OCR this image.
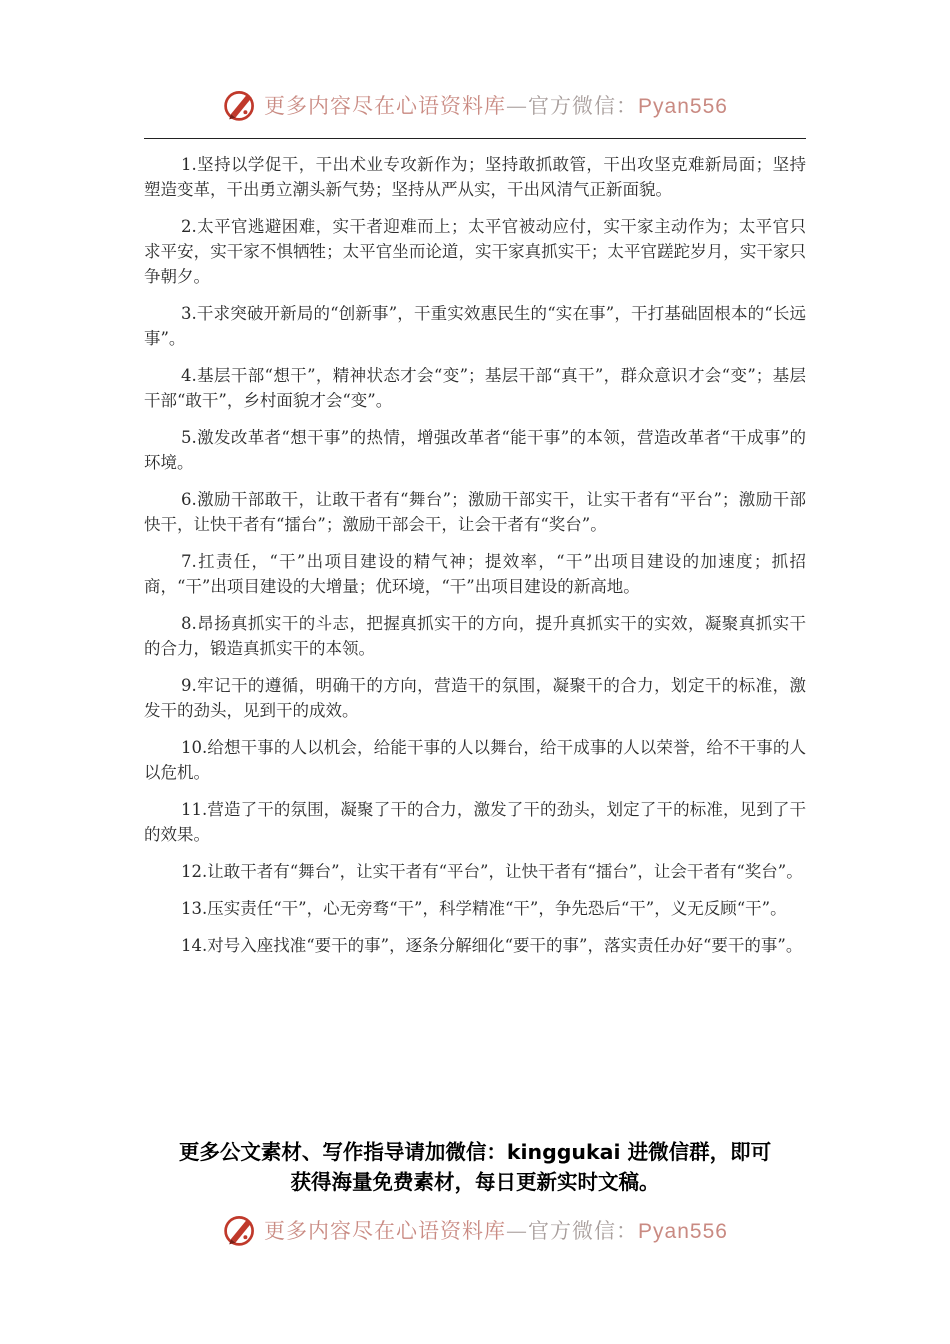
更多内容尽在心语资料库—官方微信：Pyan556

1.坚持以学促干，干出术业专攻新作为；坚持敢抓敢管，干出攻坚克难新局面；坚持塑造变革，干出勇立潮头新气势；坚持从严从实，干出风清气正新面貌。

2.太平官逃避困难，实干者迎难而上；太平官被动应付，实干家主动作为；太平官只求平安，实干家不惧牺牲；太平官坐而论道，实干家真抓实干；太平官蹉跎岁月，实干家只争朝夕。

3.干求突破开新局的“创新事”，干重实效惠民生的“实在事”，干打基础固根本的“长远事”。

4.基层干部“想干”，精神状态才会“变”；基层干部“真干”，群众意识才会“变”；基层干部“敢干”，乡村面貌才会“变”。

5.激发改革者“想干事”的热情，增强改革者“能干事”的本领，营造改革者“干成事”的环境。

6.激励干部敢干，让敢干者有“舞台”；激励干部实干，让实干者有“平台”；激励干部快干，让快干者有“擂台”；激励干部会干，让会干者有“奖台”。

7.扛责任，“干”出项目建设的精气神；提效率，“干”出项目建设的加速度；抓招商，“干”出项目建设的大增量；优环境，“干”出项目建设的新高地。

8.昂扬真抓实干的斗志，把握真抓实干的方向，提升真抓实干的实效，凝聚真抓实干的合力，锻造真抓实干的本领。

9.牢记干的遵循，明确干的方向，营造干的氛围，凝聚干的合力，划定干的标准，激发干的劲头，见到干的成效。

10.给想干事的人以机会，给能干事的人以舞台，给干成事的人以荣誉，给不干事的人以危机。

11.营造了干的氛围，凝聚了干的合力，激发了干的劲头，划定了干的标准，见到了干的效果。

12.让敢干者有“舞台”，让实干者有“平台”，让快干者有“擂台”，让会干者有“奖台”。

13.压实责任“干”，心无旁骛“干”，科学精准“干”，争先恐后“干”，义无反顾“干”。

14.对号入座找准“要干的事”，逐条分解细化“要干的事”，落实责任办好“要干的事”。

更多公文素材、写作指导请加微信：kinggukai 进微信群，即可
获得海量免费素材，每日更新实时文稿。
更多内容尽在心语资料库—官方微信：Pyan556
